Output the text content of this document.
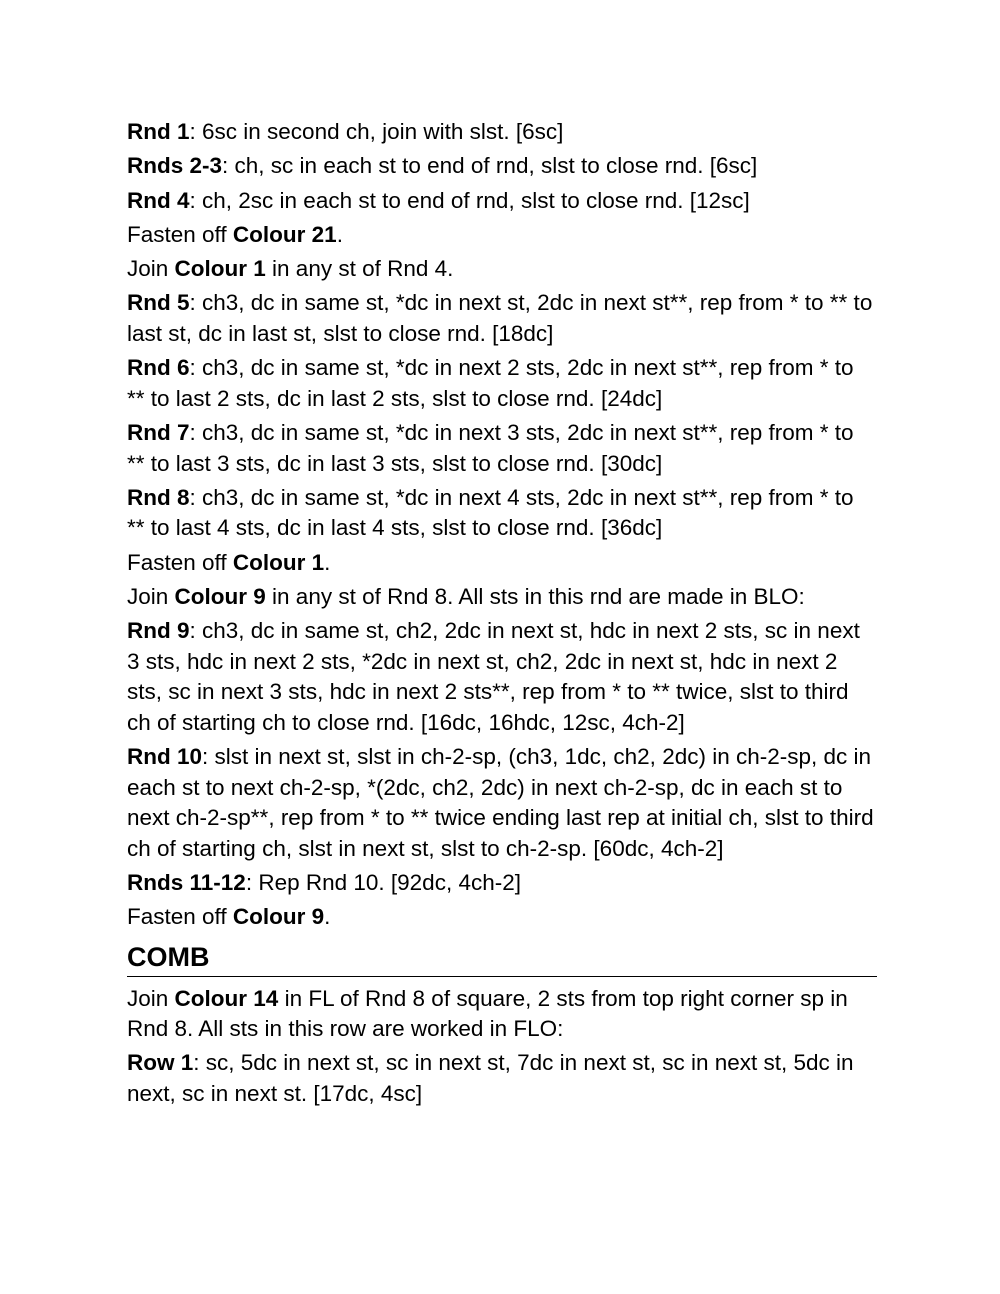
Rnd 1: 6sc in second ch, join with slst. [6sc]
Rnds 2-3: ch, sc in each st to end of rnd, slst to close rnd. [6sc]
Rnd 4: ch, 2sc in each st to end of rnd, slst to close rnd. [12sc]
Fasten off Colour 21.
Join Colour 1 in any st of Rnd 4.
Rnd 5: ch3, dc in same st, *dc in next st, 2dc in next st**, rep from * to ** to last st, dc in last st, slst to close rnd. [18dc]
Rnd 6: ch3, dc in same st, *dc in next 2 sts, 2dc in next st**, rep from * to ** to last 2 sts, dc in last 2 sts, slst to close rnd. [24dc]
Rnd 7: ch3, dc in same st, *dc in next 3 sts, 2dc in next st**, rep from * to ** to last 3 sts, dc in last 3 sts, slst to close rnd. [30dc]
Rnd 8: ch3, dc in same st, *dc in next 4 sts, 2dc in next st**, rep from * to ** to last 4 sts, dc in last 4 sts, slst to close rnd. [36dc]
Fasten off Colour 1.
Join Colour 9 in any st of Rnd 8. All sts in this rnd are made in BLO:
Rnd 9: ch3, dc in same st, ch2, 2dc in next st, hdc in next 2 sts, sc in next 3 sts, hdc in next 2 sts, *2dc in next st, ch2, 2dc in next st, hdc in next 2 sts, sc in next 3 sts, hdc in next 2 sts**, rep from * to ** twice, slst to third ch of starting ch to close rnd. [16dc, 16hdc, 12sc, 4ch-2]
Rnd 10: slst in next st, slst in ch-2-sp, (ch3, 1dc, ch2, 2dc) in ch-2-sp, dc in each st to next ch-2-sp, *(2dc, ch2, 2dc) in next ch-2-sp, dc in each st to next ch-2-sp**, rep from * to ** twice ending last rep at initial ch, slst to third ch of starting ch, slst in next st, slst to ch-2-sp. [60dc, 4ch-2]
Rnds 11-12: Rep Rnd 10. [92dc, 4ch-2]
Fasten off Colour 9.
COMB
Join Colour 14 in FL of Rnd 8 of square, 2 sts from top right corner sp in Rnd 8. All sts in this row are worked in FLO:
Row 1: sc, 5dc in next st, sc in next st, 7dc in next st, sc in next st, 5dc in next, sc in next st. [17dc, 4sc]
